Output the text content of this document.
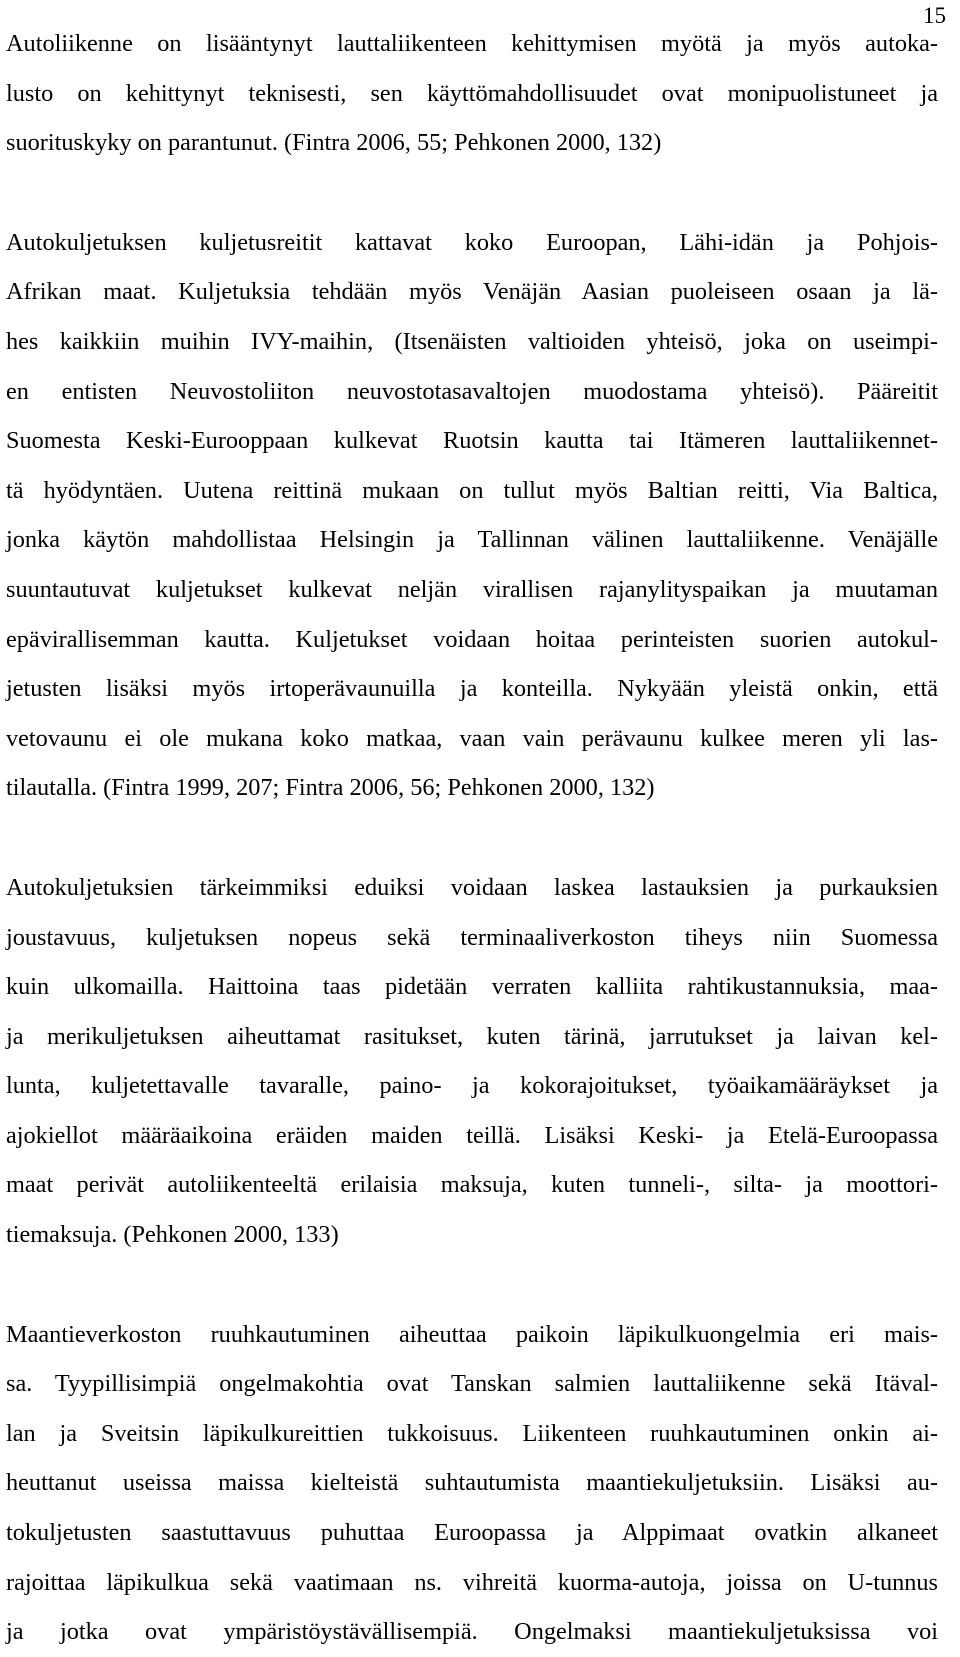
15
Autoliikenne on lisääntynyt lauttaliikenteen kehittymisen myötä ja myös autoka-
lusto on kehittynyt teknisesti, sen käyttömahdollisuudet ovat monipuolistuneet ja
suorituskyky on parantunut. (Fintra 2006, 55; Pehkonen 2000, 132)
Autokuljetuksen kuljetusreitit kattavat koko Euroopan, Lähi-idän ja Pohjois-
Afrikan maat. Kuljetuksia tehdään myös Venäjän Aasian puoleiseen osaan ja lä-
hes kaikkiin muihin IVY-maihin, (Itsenäisten valtioiden yhteisö, joka on useimpi-
en entisten Neuvostoliiton neuvostotasavaltojen muodostama yhteisö). Pääreitit
Suomesta Keski-Eurooppaan kulkevat Ruotsin kautta tai Itämeren lauttaliikennet-
tä hyödyntäen. Uutena reittinä mukaan on tullut myös Baltian reitti, Via Baltica,
jonka käytön mahdollistaa Helsingin ja Tallinnan välinen lauttaliikenne. Venäjälle
suuntautuvat kuljetukset kulkevat neljän virallisen rajanylityspaikan ja muutaman
epävirallisemman kautta. Kuljetukset voidaan hoitaa perinteisten suorien autokul-
jetusten lisäksi myös irtoperävaunuilla ja konteilla. Nykyään yleistä onkin, että
vetovaunu ei ole mukana koko matkaa, vaan vain perävaunu kulkee meren yli las-
tilautalla. (Fintra 1999, 207; Fintra 2006, 56; Pehkonen 2000, 132)
Autokuljetuksien tärkeimmiksi eduiksi voidaan laskea lastauksien ja purkauksien
joustavuus, kuljetuksen nopeus sekä terminaaliverkoston tiheys niin Suomessa
kuin ulkomailla. Haittoina taas pidetään verraten kalliita rahtikustannuksia, maa-
ja merikuljetuksen aiheuttamat rasitukset, kuten tärinä, jarrutukset ja laivan kel-
lunta, kuljetettavalle tavaralle, paino- ja kokorajoitukset, työaikamääräykset ja
ajokiellot määräaikoina eräiden maiden teillä. Lisäksi Keski- ja Etelä-Euroopassa
maat perivät autoliikenteeltä erilaisia maksuja, kuten tunneli-, silta- ja moottori-
tiemaksuja. (Pehkonen 2000, 133)
Maantieverkoston ruuhkautuminen aiheuttaa paikoin läpikulkuongelmia eri mais-
sa. Tyypillisimpiä ongelmakohtia ovat Tanskan salmien lauttaliikenne sekä Itäval-
lan ja Sveitsin läpikulkureittien tukkoisuus. Liikenteen ruuhkautuminen onkin ai-
heuttanut useissa maissa kielteistä suhtautumista maantiekuljetuksiin. Lisäksi au-
tokuljetusten saastuttavuus puhuttaa Euroopassa ja Alppimaat ovatkin alkaneet
rajoittaa läpikulkua sekä vaatimaan ns. vihreitä kuorma-autoja, joissa on U-tunnus
ja jotka ovat ympäristöystävällisempiä. Ongelmaksi maantiekuljetuksissa voi
